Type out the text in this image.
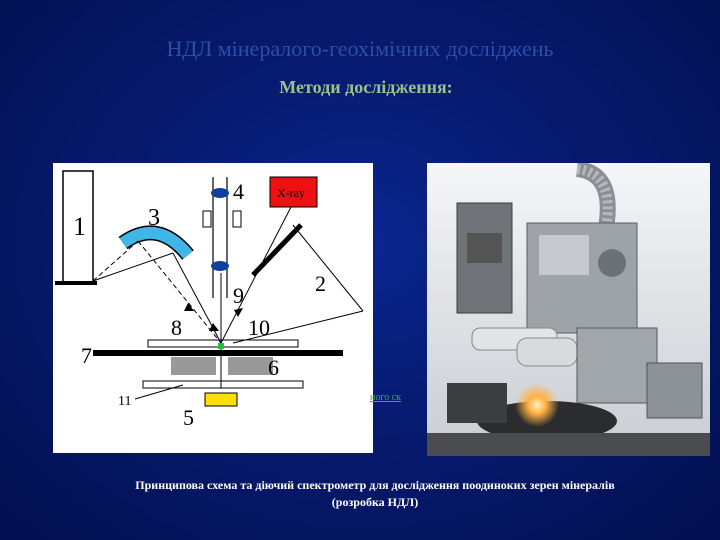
НДЛ мінералого-геохімічних досліджень
Методи дослідження:
1	3
4
9
X-ray
2
8	10
7	6
11
5
ного ск
Принципова схема та діючий спектрометр для дослідження поодиноких зерен мінералів
(розробка НДЛ)
